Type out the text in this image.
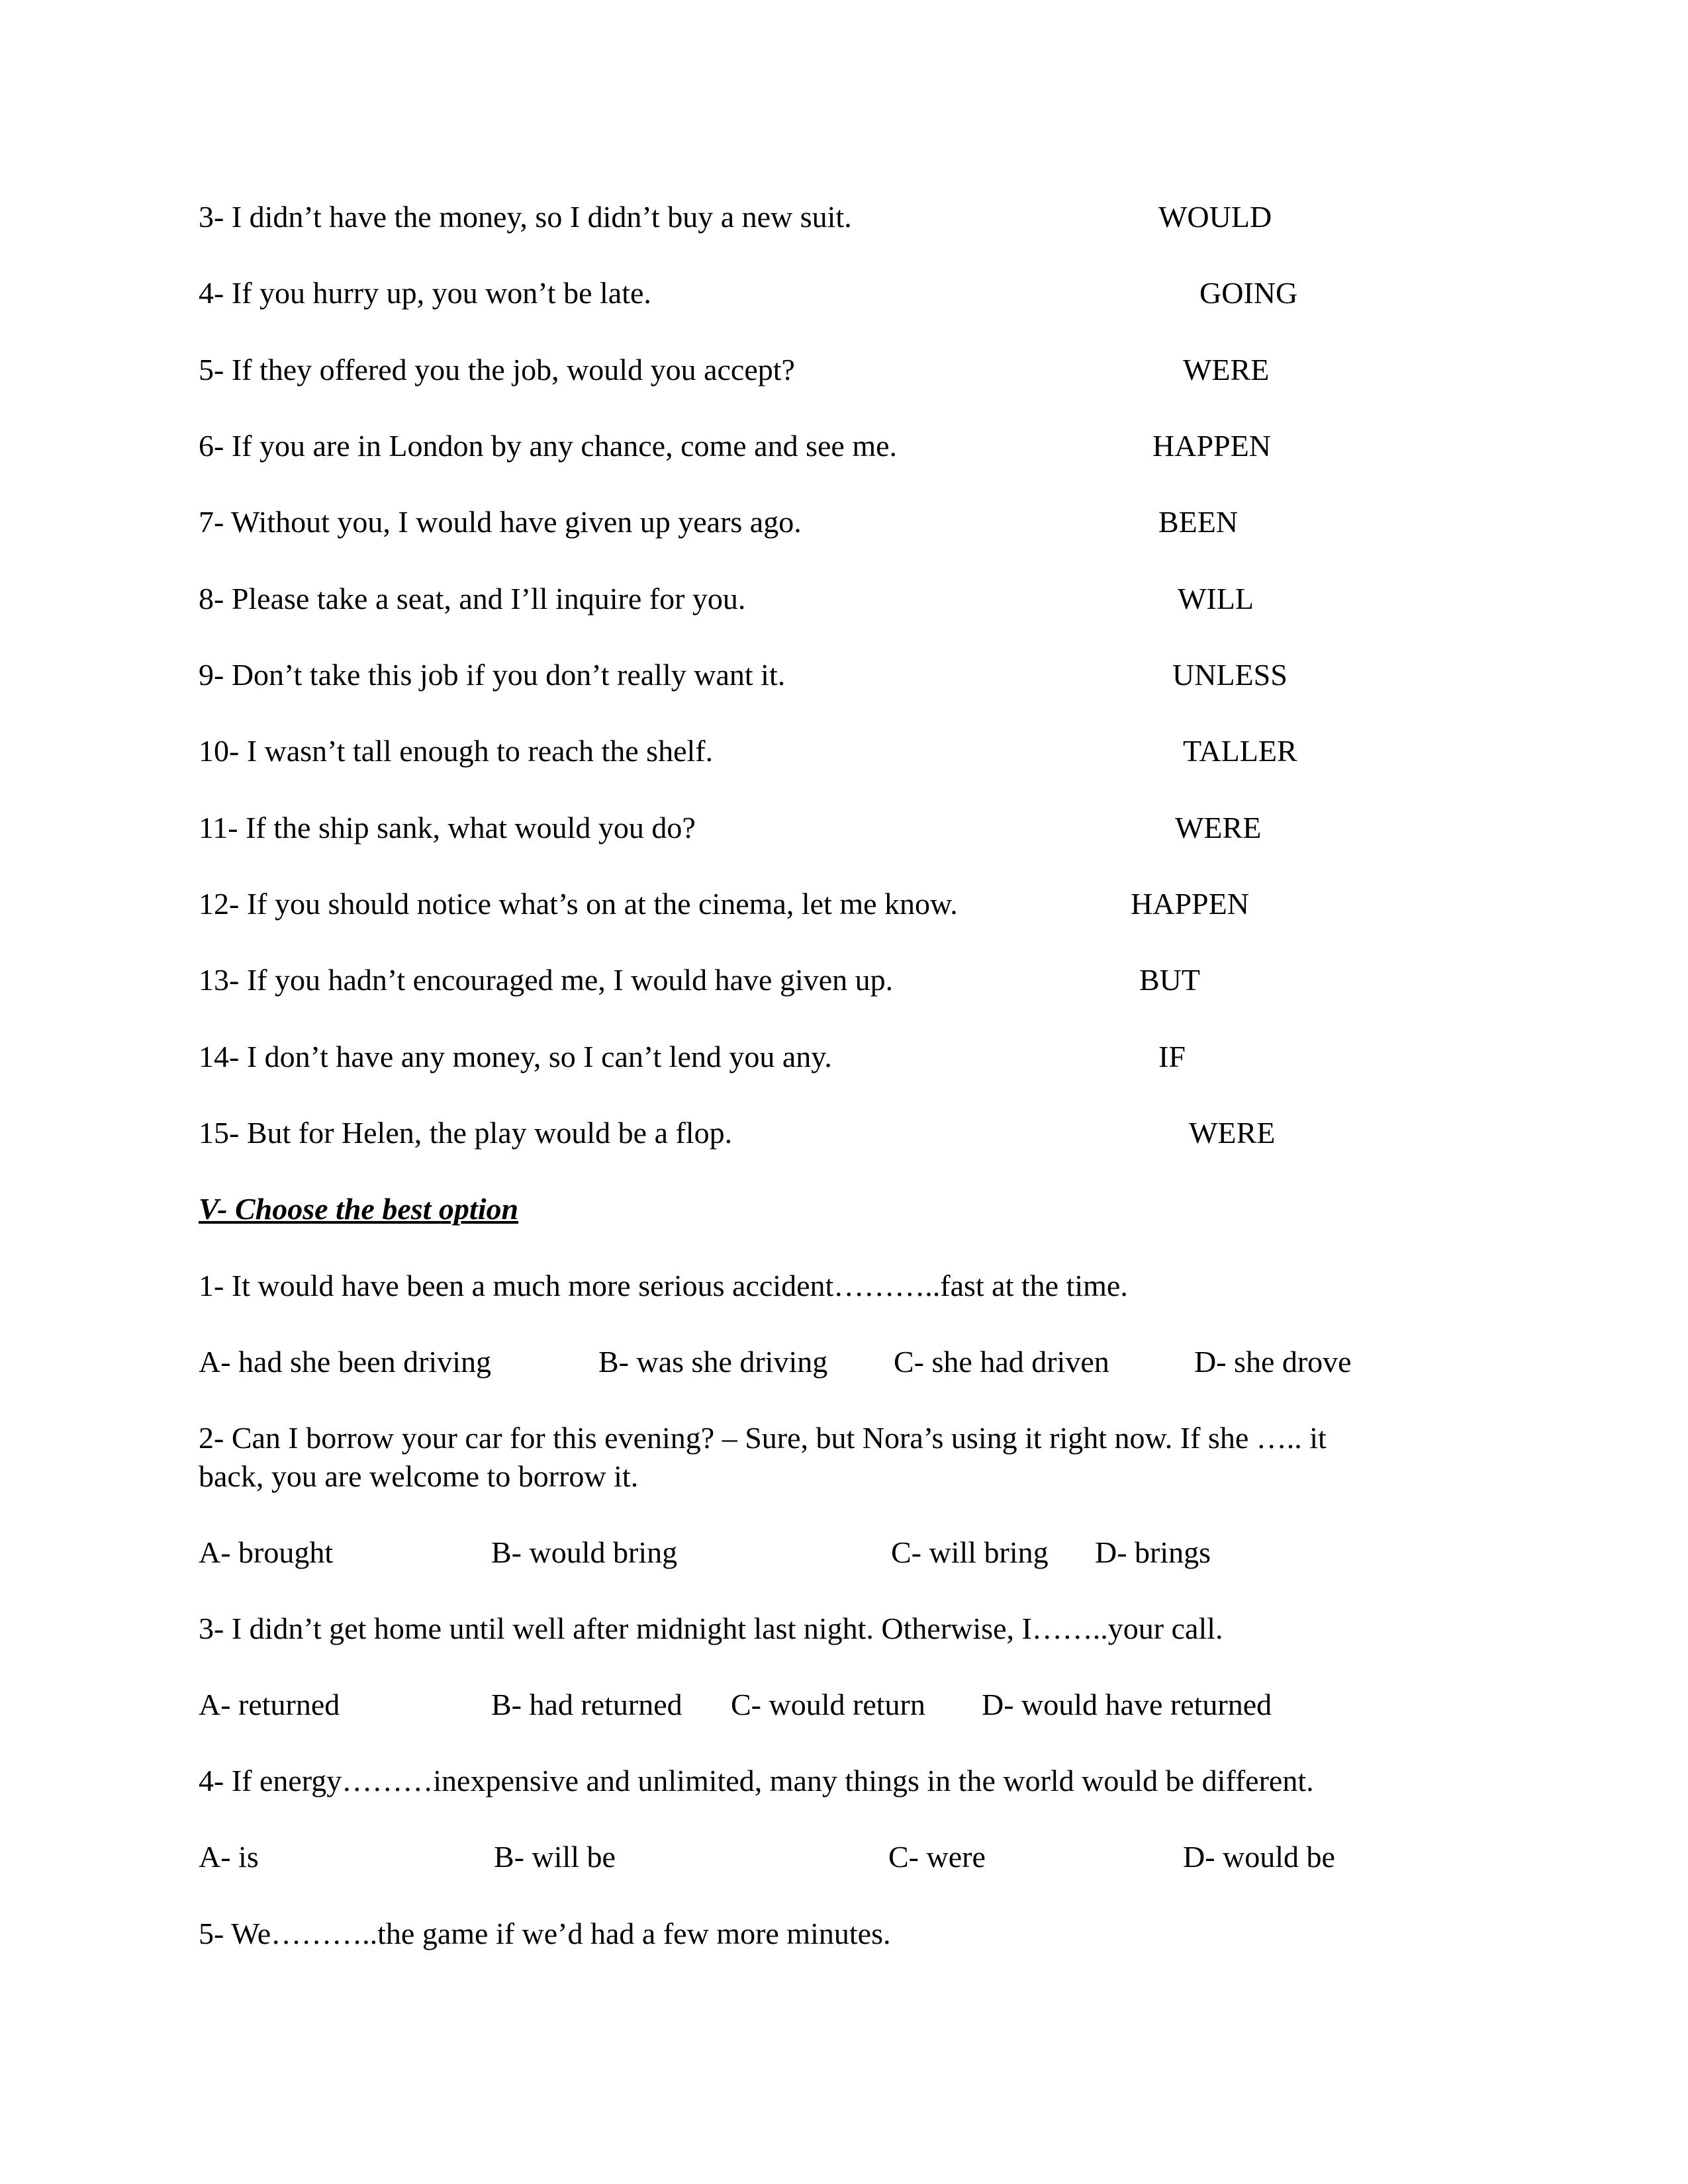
3- I didn’t have the money, so I didn’t buy a new suit.	WOULD
4- If you hurry up, you won’t be late.	GOING
5- If they offered you the job, would you accept?	WERE
6- If you are in London by any chance, come and see me.	HAPPEN
7- Without you, I would have given up years ago.	BEEN
8- Please take a seat, and I’ll inquire for you.	WILL
9- Don’t take this job if you don’t really want it.	UNLESS
10- I wasn’t tall enough to reach the shelf.	TALLER
11- If the ship sank, what would you do?	WERE
12- If you should notice what’s on at the cinema, let me know.	HAPPEN
13- If you hadn’t encouraged me, I would have given up.	BUT
14- I don’t have any money, so I can’t lend you any.	IF
15- But for Helen, the play would be a flop.	WERE
V- Choose the best option
1- It would have been a much more serious accident………..fast at the time.
A- had she been driving	B- was she driving C- she had driven	D- she drove
2- Can I borrow your car for this evening? – Sure, but Nora’s using it right now. If she ….. it
back, you are welcome to borrow it.
A- brought	B- would bring	C- will bring D- brings
3- I didn’t get home until well after midnight last night. Otherwise, I……..your call.
A- returned	B- had returned C- would return D- would have returned
4- If energy………inexpensive and unlimited, many things in the world would be different.
A- is	B- will be	C- were	D- would be
5- We………..the game if we’d had a few more minutes.
